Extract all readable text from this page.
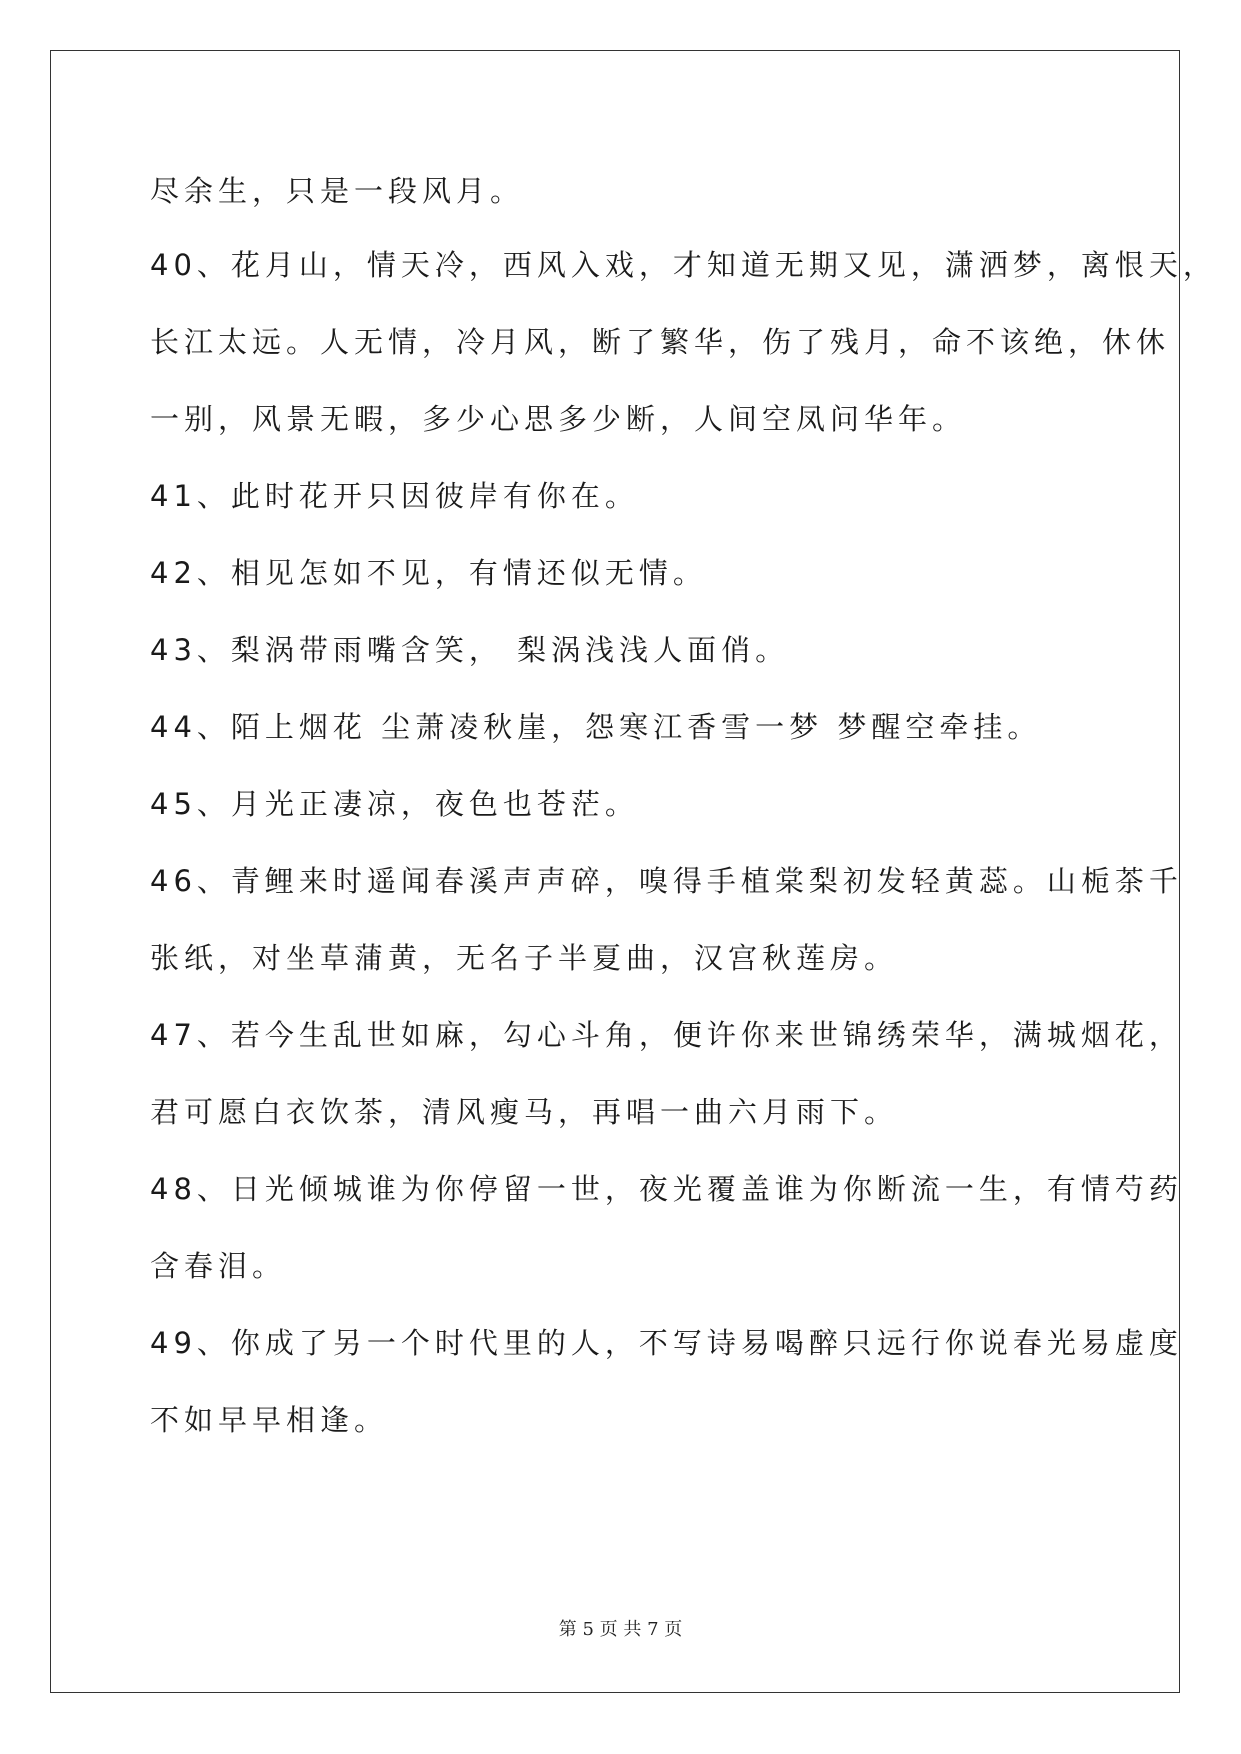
尽余生，只是一段风月。
40、花月山，情天冷，西风入戏，才知道无期又见，潇洒梦，离恨天，
长江太远。人无情，冷月风，断了繁华，伤了残月，命不该绝，休休
一别，风景无暇，多少心思多少断，人间空凤问华年。
41、此时花开只因彼岸有你在。
42、相见怎如不见，有情还似无情。
43、梨涡带雨嘴含笑， 梨涡浅浅人面俏。
44、陌上烟花 尘萧凌秋崖，怨寒江香雪一梦 梦醒空牵挂。
45、月光正凄凉，夜色也苍茫。
46、青鲤来时遥闻春溪声声碎，嗅得手植棠梨初发轻黄蕊。山栀茶千
张纸，对坐草蒲黄，无名子半夏曲，汉宫秋莲房。
47、若今生乱世如麻，勾心斗角，便许你来世锦绣荣华，满城烟花，
君可愿白衣饮茶，清风瘦马，再唱一曲六月雨下。
48、日光倾城谁为你停留一世，夜光覆盖谁为你断流一生，有情芍药
含春泪。
49、你成了另一个时代里的人，不写诗易喝醉只远行你说春光易虚度
不如早早相逢。
第 5 页 共 7 页
